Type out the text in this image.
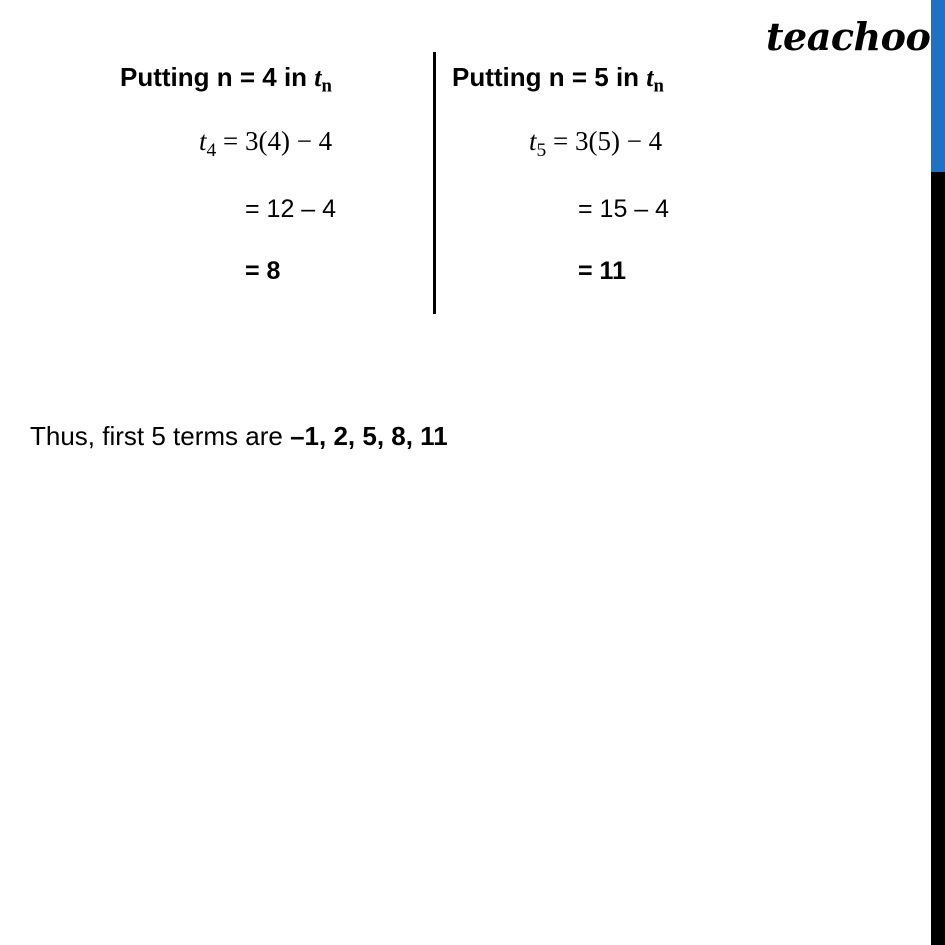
teachoo
Putting n = 4 in $t_n$
$t_4 = 3(4) - 4$
= 12 – 4
= 8
Putting n = 5 in $t_n$
$t_5 = 3(5) - 4$
= 15 – 4
= 11
Thus, first 5 terms are –1, 2, 5, 8, 11
